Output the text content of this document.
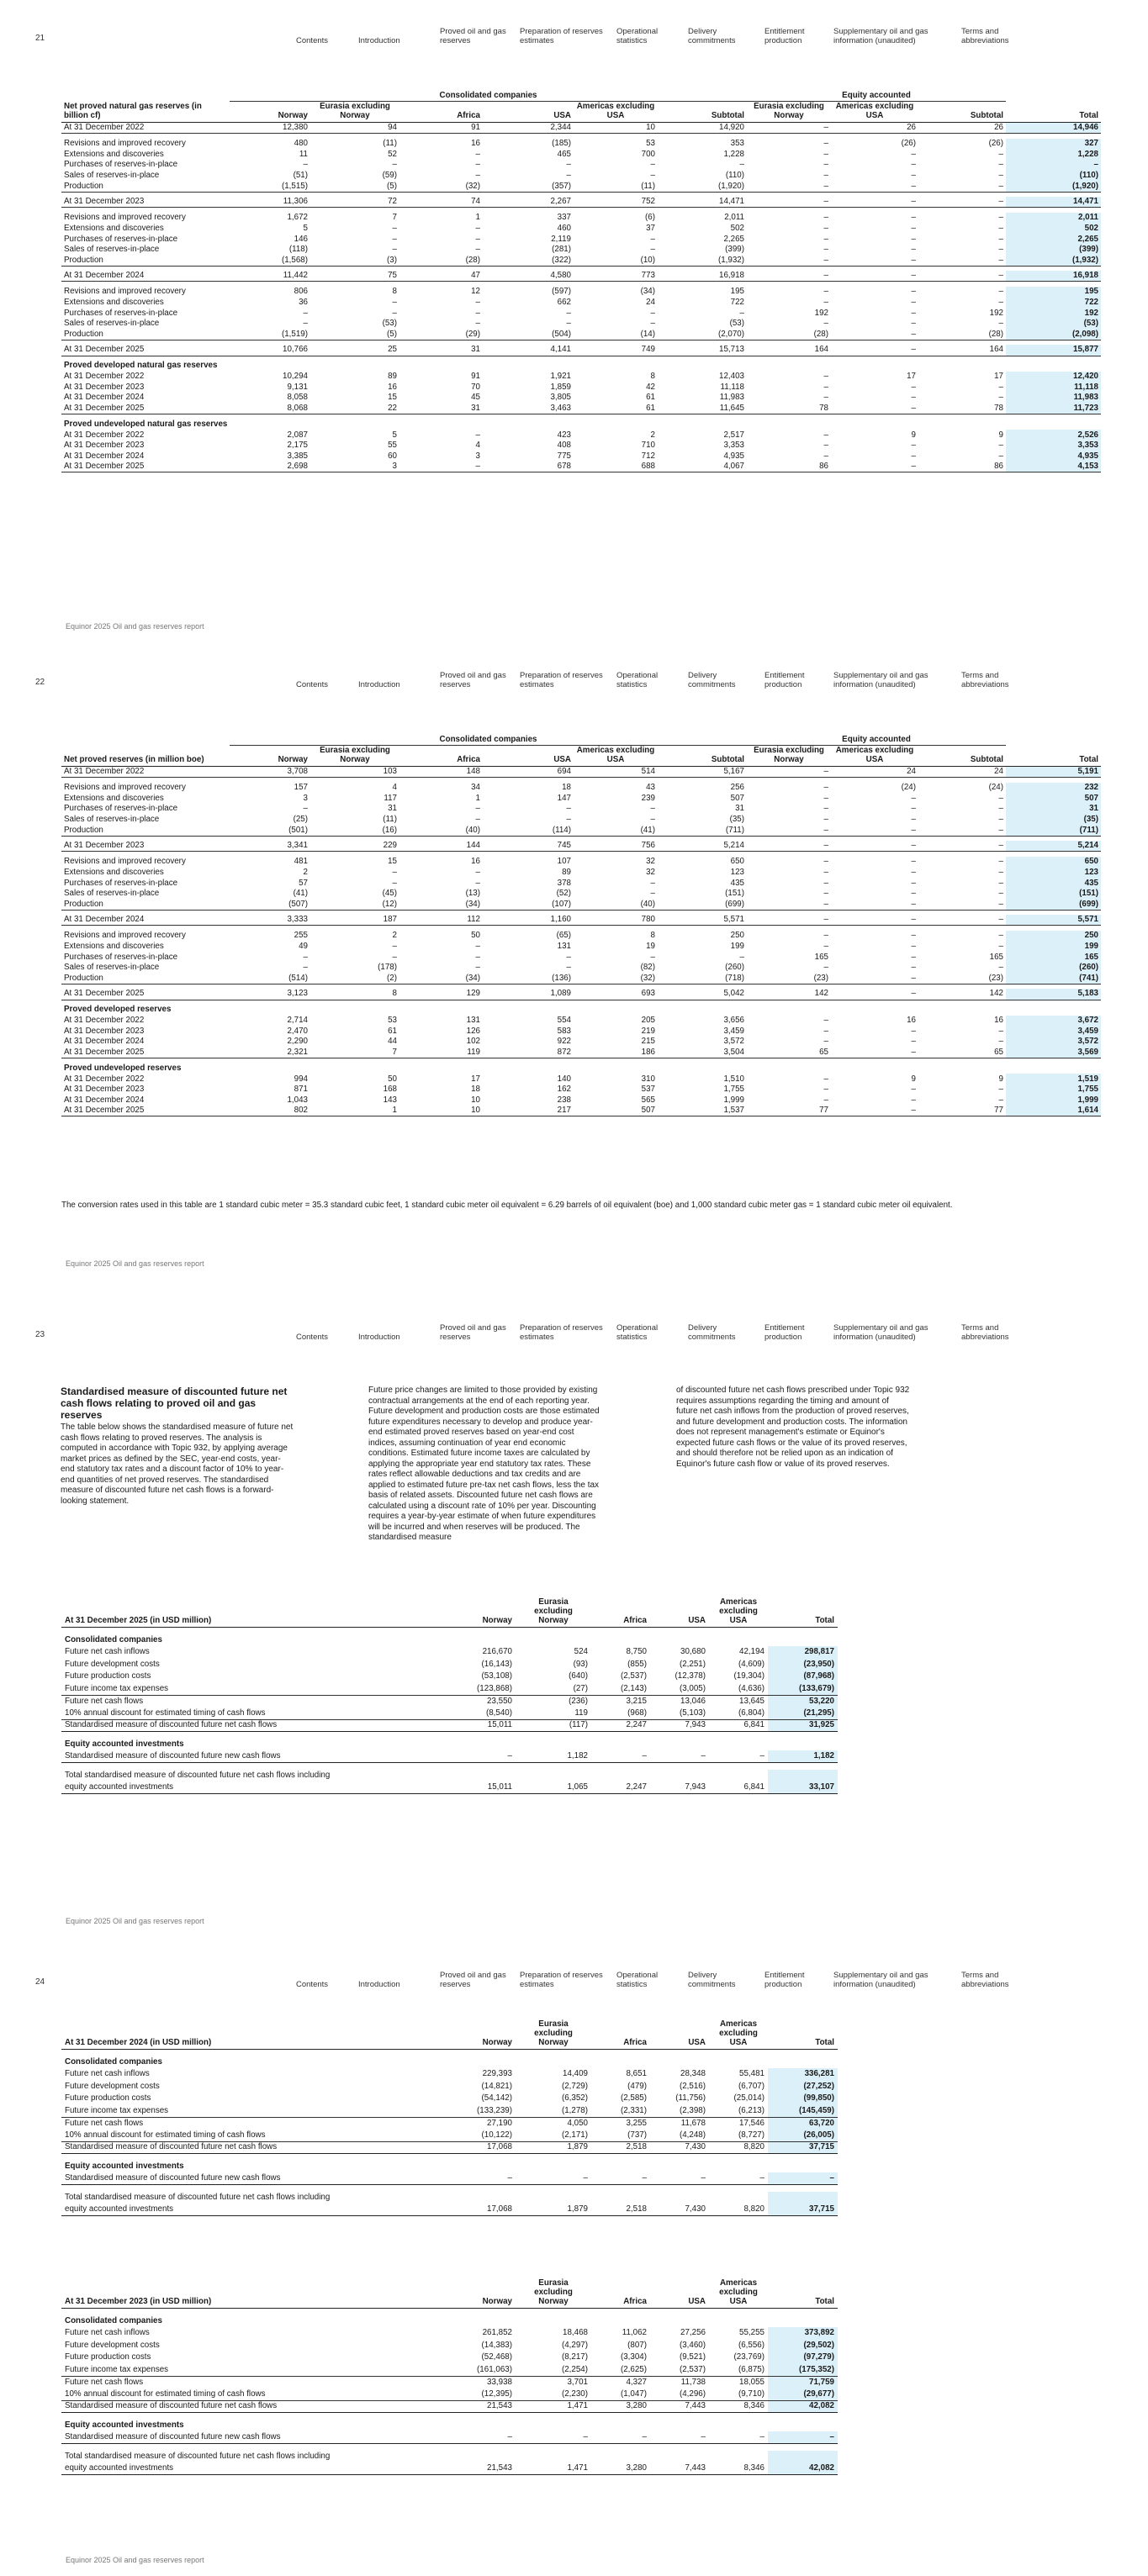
21	Contents	Introduction
Proved oil and gas reserves
Preparation of reserves estimates
Operational statistics
Delivery commitments
Entitlement production
Supplementary oil and gas information (unaudited)
Terms and abbreviations
	Consolidated companies						Equity accounted			
Net proved natural gas reserves (in billion cf)	Norway	Eurasia excluding Norway	Africa	USA	Americas excluding USA	Subtotal	Eurasia excluding Norway	Americas excluding USA	Subtotal	Total
At 31 December 2022	12,380	94	91	2,344	10	14,920	–	26	26	14,946

Revisions and improved recovery	480	(11)	16	(185)	53	353	–	(26)	(26)	327
Extensions and discoveries	11	52	–	465	700	1,228	–	–	–	1,228
Purchases of reserves-in-place	–	–	–	–	–	–	–	–	–	–
Sales of reserves-in-place	(51)	(59)	–	–	–	(110)	–	–	–	(110)
Production	(1,515)	(5)	(32)	(357)	(11)	(1,920)	–	–	–	(1,920)

At 31 December 2023	11,306	72	74	2,267	752	14,471	–	–	–	14,471

Revisions and improved recovery	1,672	7	1	337	(6)	2,011	–	–	–	2,011
Extensions and discoveries	5	–	–	460	37	502	–	–	–	502
Purchases of reserves-in-place	146	–	–	2,119	–	2,265	–	–	–	2,265
Sales of reserves-in-place	(118)	–	–	(281)	–	(399)	–	–	–	(399)
Production	(1,568)	(3)	(28)	(322)	(10)	(1,932)	–	–	–	(1,932)

At 31 December 2024	11,442	75	47	4,580	773	16,918	–	–	–	16,918

Revisions and improved recovery	806	8	12	(597)	(34)	195	–	–	–	195
Extensions and discoveries	36	–	–	662	24	722	–	–	–	722
Purchases of reserves-in-place	–	–	–	–	–	–	192	–	192	192
Sales of reserves-in-place	–	(53)	–	–	–	(53)	–	–	–	(53)
Production	(1,519)	(5)	(29)	(504)	(14)	(2,070)	(28)	–	(28)	(2,098)

At 31 December 2025	10,766	25	31	4,141	749	15,713	164	–	164	15,877

Proved developed natural gas reserves										
At 31 December 2022	10,294	89	91	1,921	8	12,403	–	17	17	12,420
At 31 December 2023	9,131	16	70	1,859	42	11,118	–	–	–	11,118
At 31 December 2024	8,058	15	45	3,805	61	11,983	–	–	–	11,983
At 31 December 2025	8,068	22	31	3,463	61	11,645	78	–	78	11,723

Proved undeveloped natural gas reserves										
At 31 December 2022	2,087	5	–	423	2	2,517	–	9	9	2,526
At 31 December 2023	2,175	55	4	408	710	3,353	–	–	–	3,353
At 31 December 2024	3,385	60	3	775	712	4,935	–	–	–	4,935
At 31 December 2025	2,698	3	–	678	688	4,067	86	–	86	4,153
Equinor 2025 Oil and gas reserves report
22	Contents	Introduction
Proved oil and gas reserves
Preparation of reserves estimates
Operational statistics
Delivery commitments
Entitlement production
Supplementary oil and gas information (unaudited)
Terms and abbreviations
	Consolidated companies						Equity accounted			
Net proved reserves (in million boe)	Norway	Eurasia excluding Norway	Africa	USA	Americas excluding USA	Subtotal	Eurasia excluding Norway	Americas excluding USA	Subtotal	Total
At 31 December 2022	3,708	103	148	694	514	5,167	–	24	24	5,191

Revisions and improved recovery	157	4	34	18	43	256	–	(24)	(24)	232
Extensions and discoveries	3	117	1	147	239	507	–	–	–	507
Purchases of reserves-in-place	–	31	–	–	–	31	–	–	–	31
Sales of reserves-in-place	(25)	(11)	–	–	–	(35)	–	–	–	(35)
Production	(501)	(16)	(40)	(114)	(41)	(711)	–	–	–	(711)

At 31 December 2023	3,341	229	144	745	756	5,214	–	–	–	5,214

Revisions and improved recovery	481	15	16	107	32	650	–	–	–	650
Extensions and discoveries	2	–	–	89	32	123	–	–	–	123
Purchases of reserves-in-place	57	–	–	378	–	435	–	–	–	435
Sales of reserves-in-place	(41)	(45)	(13)	(52)	–	(151)	–	–	–	(151)
Production	(507)	(12)	(34)	(107)	(40)	(699)	–	–	–	(699)

At 31 December 2024	3,333	187	112	1,160	780	5,571	–	–	–	5,571

Revisions and improved recovery	255	2	50	(65)	8	250	–	–	–	250
Extensions and discoveries	49	–	–	131	19	199	–	–	–	199
Purchases of reserves-in-place	–	–	–	–	–	–	165	–	165	165
Sales of reserves-in-place	–	(178)	–	–	(82)	(260)	–	–	–	(260)
Production	(514)	(2)	(34)	(136)	(32)	(718)	(23)	–	(23)	(741)

At 31 December 2025	3,123	8	129	1,089	693	5,042	142	–	142	5,183

Proved developed reserves										
At 31 December 2022	2,714	53	131	554	205	3,656	–	16	16	3,672
At 31 December 2023	2,470	61	126	583	219	3,459	–	–	–	3,459
At 31 December 2024	2,290	44	102	922	215	3,572	–	–	–	3,572
At 31 December 2025	2,321	7	119	872	186	3,504	65	–	65	3,569

Proved undeveloped reserves										
At 31 December 2022	994	50	17	140	310	1,510	–	9	9	1,519
At 31 December 2023	871	168	18	162	537	1,755	–	–	–	1,755
At 31 December 2024	1,043	143	10	238	565	1,999	–	–	–	1,999
At 31 December 2025	802	1	10	217	507	1,537	77	–	77	1,614
The conversion rates used in this table are 1 standard cubic meter = 35.3 standard cubic feet, 1 standard cubic meter oil equivalent = 6.29 barrels of oil equivalent (boe) and 1,000 standard cubic meter gas = 1 standard cubic meter oil equivalent.
Equinor 2025 Oil and gas reserves report
23	Contents	Introduction
Proved oil and gas reserves
Preparation of reserves estimates
Operational statistics
Delivery commitments
Entitlement production
Supplementary oil and gas information (unaudited)
Terms and abbreviations
Standardised measure of discounted future net cash flows relating to proved oil and gas reserves

The table below shows the standardised measure of future net cash flows relating to proved reserves. The analysis is computed in accordance with Topic 932, by applying average market prices as defined by the SEC, year-end costs, year-end statutory tax rates and a discount factor of 10% to year-end quantities of net proved reserves. The standardised measure of discounted future net cash flows is a forward-looking statement.

Future price changes are limited to those provided by existing contractual arrangements at the end of each reporting year. Future development and production costs are those estimated future expenditures necessary to develop and produce year-end estimated proved reserves based on year-end cost indices, assuming continuation of year end economic conditions. Estimated future income taxes are calculated by applying the appropriate year end statutory tax rates. These rates reflect allowable deductions and tax credits and are applied to estimated future pre-tax net cash flows, less the tax basis of related assets. Discounted future net cash flows are calculated using a discount rate of 10% per year. Discounting requires a year-by-year estimate of when future expenditures will be incurred and when reserves will be produced. The standardised measure

of discounted future net cash flows prescribed under Topic 932 requires assumptions regarding the timing and amount of future net cash inflows from the production of proved reserves, and future development and production costs. The information does not represent management's estimate or Equinor's expected future cash flows or the value of its proved reserves, and should therefore not be relied upon as an indication of Equinor's future cash flow or value of its proved reserves.

At 31 December 2025 (in USD million)	Norway	Eurasia excluding Norway	Africa	USA	Americas excluding USA	Total

Consolidated companies						
Future net cash inflows	216,670	524	8,750	30,680	42,194	298,817
Future development costs	(16,143)	(93)	(855)	(2,251)	(4,609)	(23,950)
Future production costs	(53,108)	(640)	(2,537)	(12,378)	(19,304)	(87,968)
Future income tax expenses	(123,868)	(27)	(2,143)	(3,005)	(4,636)	(133,679)
Future net cash flows	23,550	(236)	3,215	13,046	13,645	53,220
10% annual discount for estimated timing of cash flows	(8,540)	119	(968)	(5,103)	(6,804)	(21,295)
Standardised measure of discounted future net cash flows	15,011	(117)	2,247	7,943	6,841	31,925

Equity accounted investments						
Standardised measure of discounted future new cash flows	–	1,182	–	–	–	1,182

Total standardised measure of discounted future net cash flows including						
equity accounted investments	15,011	1,065	2,247	7,943	6,841	33,107
Equinor 2025 Oil and gas reserves report
24	Contents	Introduction
Proved oil and gas reserves
Preparation of reserves estimates
Operational statistics
Delivery commitments
Entitlement production
Supplementary oil and gas information (unaudited)
Terms and abbreviations
At 31 December 2024 (in USD million)	Norway	Eurasia excluding Norway	Africa	USA	Americas excluding USA	Total

Consolidated companies						
Future net cash inflows	229,393	14,409	8,651	28,348	55,481	336,281
Future development costs	(14,821)	(2,729)	(479)	(2,516)	(6,707)	(27,252)
Future production costs	(54,142)	(6,352)	(2,585)	(11,756)	(25,014)	(99,850)
Future income tax expenses	(133,239)	(1,278)	(2,331)	(2,398)	(6,213)	(145,459)
Future net cash flows	27,190	4,050	3,255	11,678	17,546	63,720
10% annual discount for estimated timing of cash flows	(10,122)	(2,171)	(737)	(4,248)	(8,727)	(26,005)
Standardised measure of discounted future net cash flows	17,068	1,879	2,518	7,430	8,820	37,715

Equity accounted investments						
Standardised measure of discounted future new cash flows	–	–	–	–	–	–

Total standardised measure of discounted future net cash flows including						
equity accounted investments	17,068	1,879	2,518	7,430	8,820	37,715
At 31 December 2023 (in USD million)	Norway	Eurasia excluding Norway	Africa	USA	Americas excluding USA	Total

Consolidated companies						
Future net cash inflows	261,852	18,468	11,062	27,256	55,255	373,892
Future development costs	(14,383)	(4,297)	(807)	(3,460)	(6,556)	(29,502)
Future production costs	(52,468)	(8,217)	(3,304)	(9,521)	(23,769)	(97,279)
Future income tax expenses	(161,063)	(2,254)	(2,625)	(2,537)	(6,875)	(175,352)
Future net cash flows	33,938	3,701	4,327	11,738	18,055	71,759
10% annual discount for estimated timing of cash flows	(12,395)	(2,230)	(1,047)	(4,296)	(9,710)	(29,677)
Standardised measure of discounted future net cash flows	21,543	1,471	3,280	7,443	8,346	42,082

Equity accounted investments						
Standardised measure of discounted future new cash flows	–	–	–	–	–	–

Total standardised measure of discounted future net cash flows including						
equity accounted investments	21,543	1,471	3,280	7,443	8,346	42,082
Equinor 2025 Oil and gas reserves report
